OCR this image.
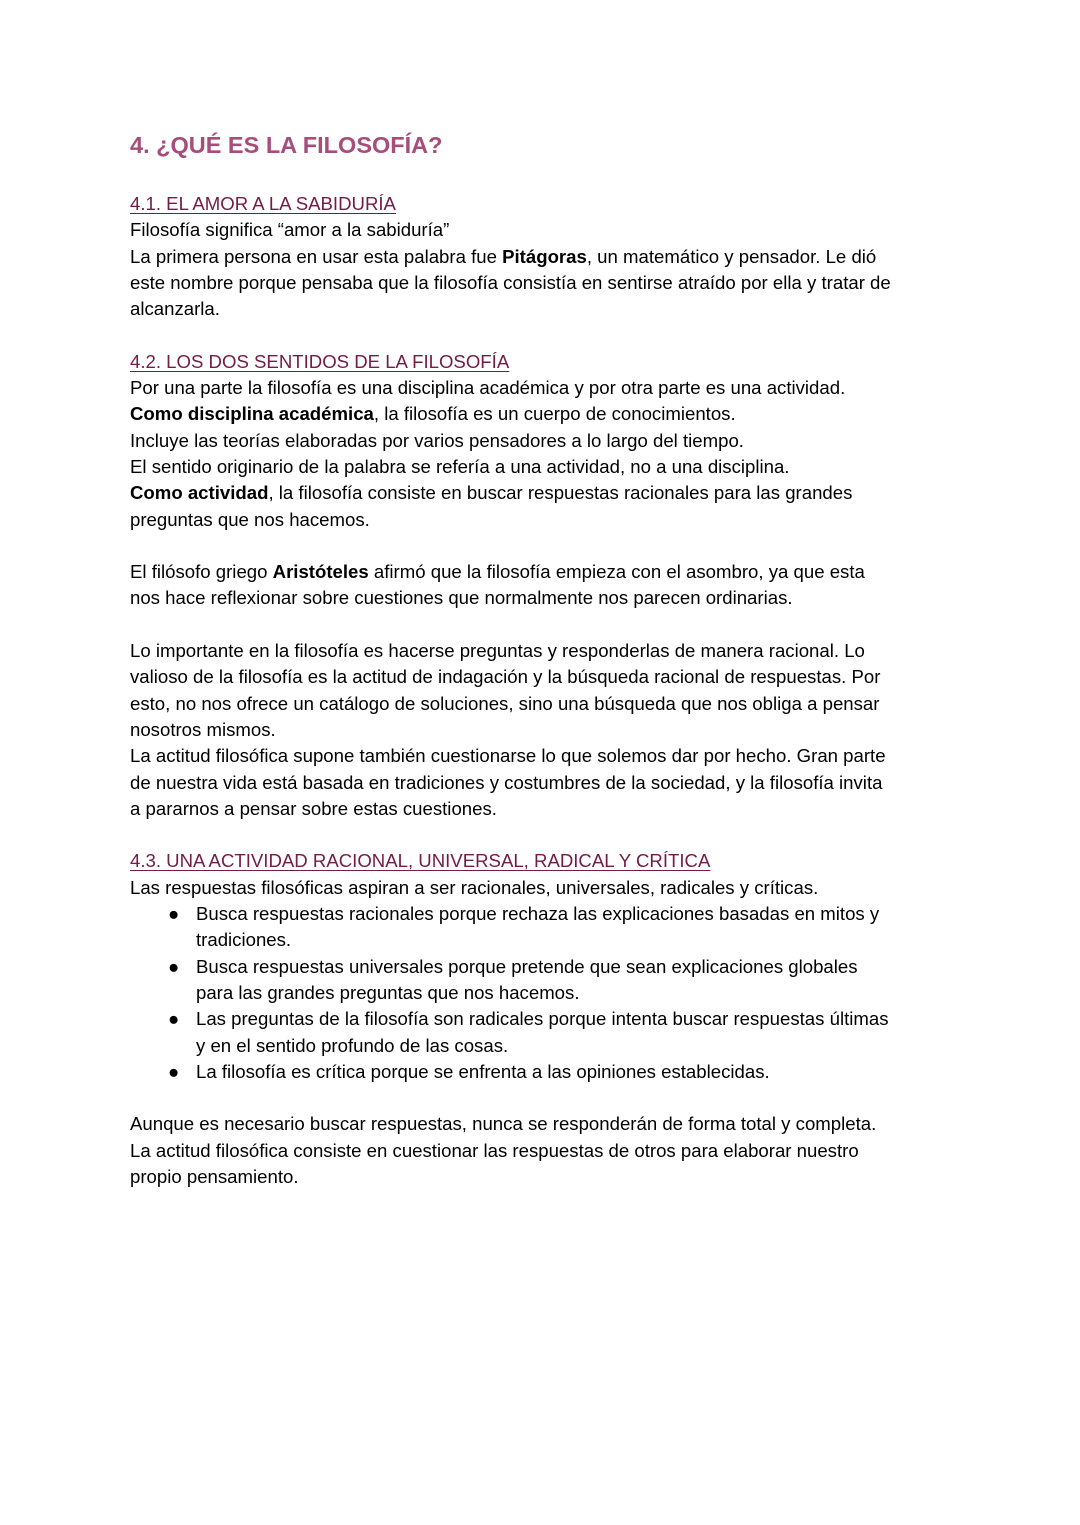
4. ¿QUÉ ES LA FILOSOFÍA?
4.1. EL AMOR A LA SABIDURÍA
Filosofía significa “amor a la sabiduría”
La primera persona en usar esta palabra fue Pitágoras, un matemático y pensador. Le dió
este nombre porque pensaba que la filosofía consistía en sentirse atraído por ella y tratar de
alcanzarla.
4.2. LOS DOS SENTIDOS DE LA FILOSOFÍA
Por una parte la filosofía es una disciplina académica y por otra parte es una actividad.
Como disciplina académica, la filosofía es un cuerpo de conocimientos.
Incluye las teorías elaboradas por varios pensadores a lo largo del tiempo.
El sentido originario de la palabra se refería a una actividad, no a una disciplina.
Como actividad, la filosofía consiste en buscar respuestas racionales para las grandes
preguntas que nos hacemos.
El filósofo griego Aristóteles afirmó que la filosofía empieza con el asombro, ya que esta
nos hace reflexionar sobre cuestiones que normalmente nos parecen ordinarias.
Lo importante en la filosofía es hacerse preguntas y responderlas de manera racional. Lo
valioso de la filosofía es la actitud de indagación y la búsqueda racional de respuestas. Por
esto, no nos ofrece un catálogo de soluciones, sino una búsqueda que nos obliga a pensar
nosotros mismos.
La actitud filosófica supone también cuestionarse lo que solemos dar por hecho. Gran parte
de nuestra vida está basada en tradiciones y costumbres de la sociedad, y la filosofía invita
a pararnos a pensar sobre estas cuestiones.
4.3. UNA ACTIVIDAD RACIONAL, UNIVERSAL, RADICAL Y CRÍTICA
Las respuestas filosóficas aspiran a ser racionales, universales, radicales y críticas.
● Busca respuestas racionales porque rechaza las explicaciones basadas en mitos y
tradiciones.
● Busca respuestas universales porque pretende que sean explicaciones globales
para las grandes preguntas que nos hacemos.
● Las preguntas de la filosofía son radicales porque intenta buscar respuestas últimas
y en el sentido profundo de las cosas.
● La filosofía es crítica porque se enfrenta a las opiniones establecidas.
Aunque es necesario buscar respuestas, nunca se responderán de forma total y completa.
La actitud filosófica consiste en cuestionar las respuestas de otros para elaborar nuestro
propio pensamiento.
